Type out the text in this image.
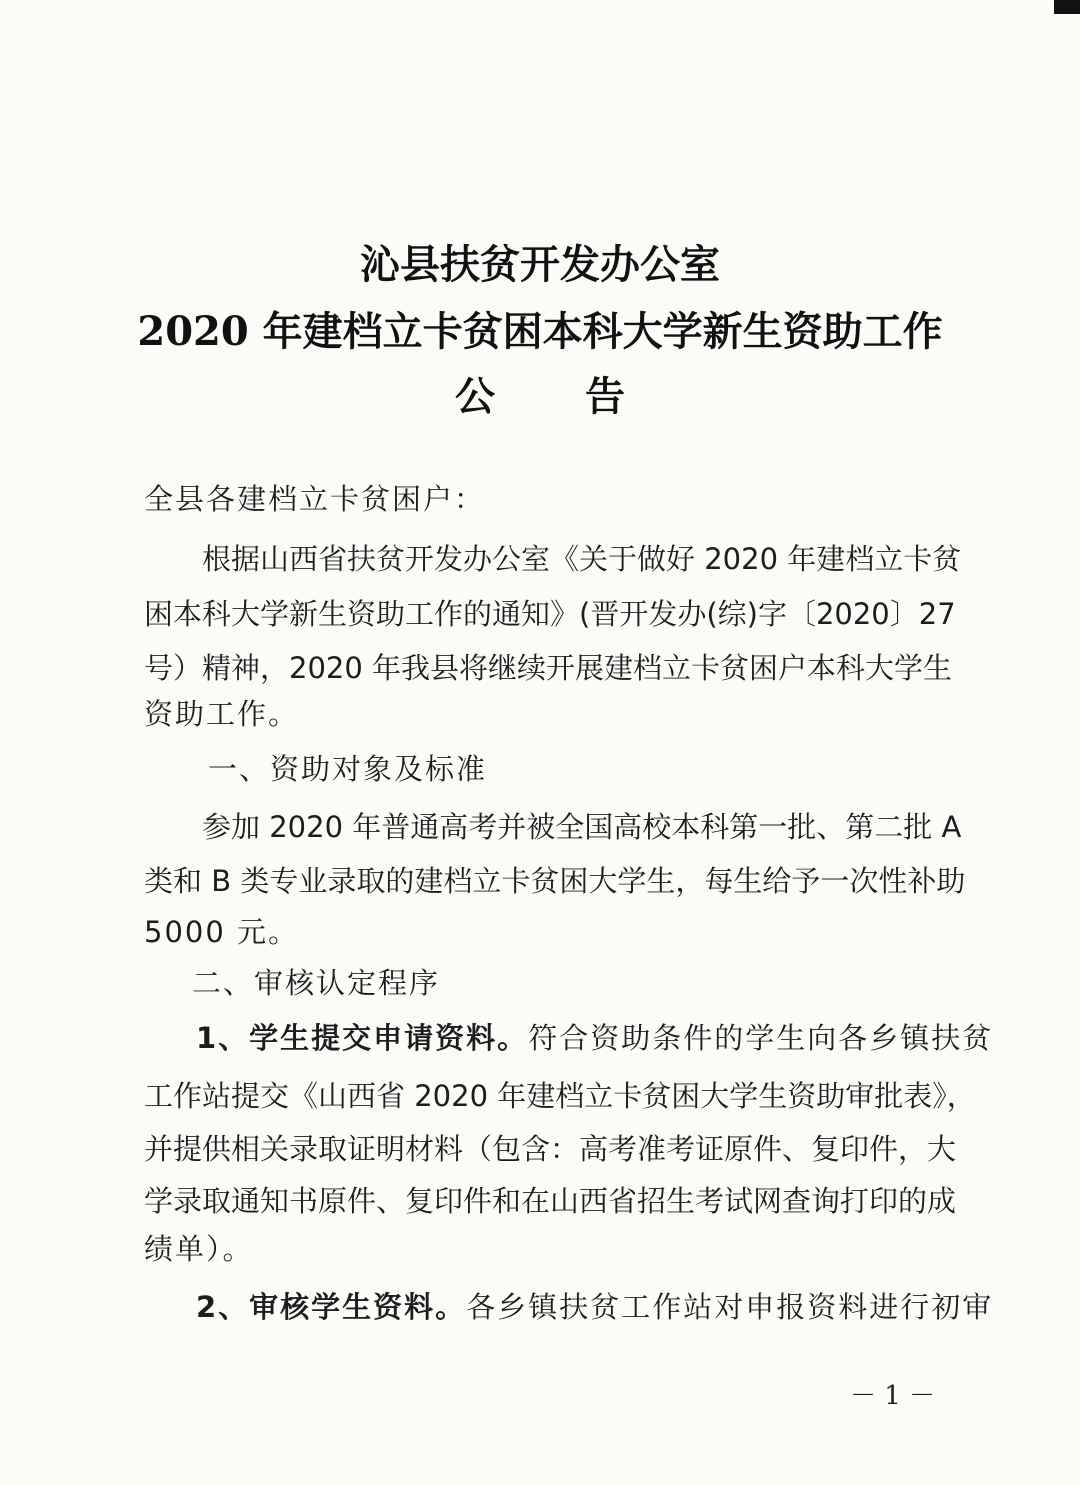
沁县扶贫开发办公室
2020 年建档立卡贫困本科大学新生资助工作
公告
全县各建档立卡贫困户：
根据山西省扶贫开发办公室《关于做好 2020 年建档立卡贫
困本科大学新生资助工作的通知》(晋开发办(综)字〔2020〕27
号）精神，2020 年我县将继续开展建档立卡贫困户本科大学生
资助工作。
一、资助对象及标准
参加 2020 年普通高考并被全国高校本科第一批、第二批 A
类和 B 类专业录取的建档立卡贫困大学生，每生给予一次性补助
5000 元。
二、审核认定程序
1、学生提交申请资料。 符合资助条件的学生向各乡镇扶贫
工作站提交《山西省 2020 年建档立卡贫困大学生资助审批表》，
并提供相关录取证明材料（包含：高考准考证原件、复印件，大
学录取通知书原件、复印件和在山西省招生考试网查询打印的成
绩单）。
2、审核学生资料。 各乡镇扶贫工作站对申报资料进行初审
－ 1 －
